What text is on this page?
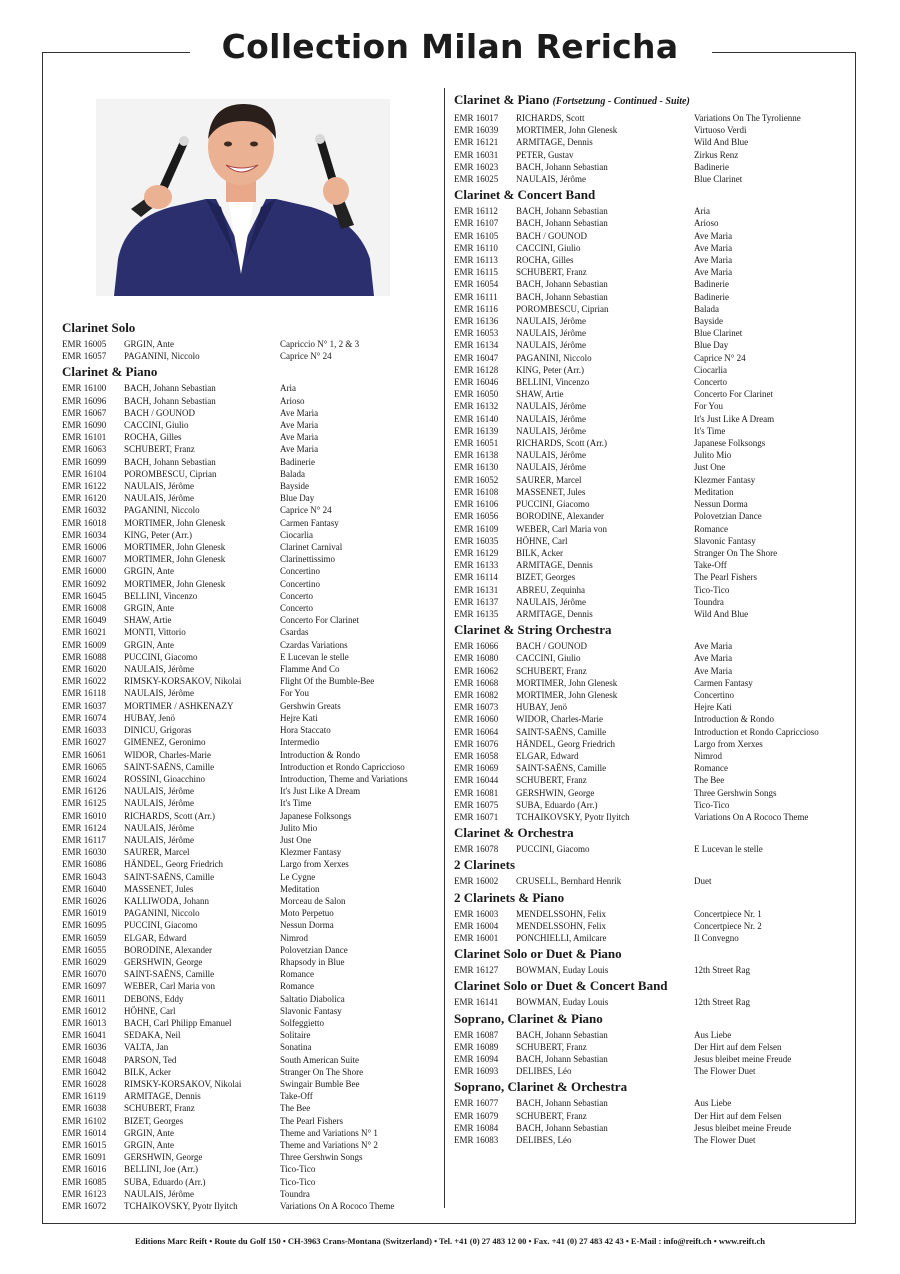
Collection Milan Rericha
Clarinet Solo
EMR 16005	GRGIN, Ante	Capriccio N° 1, 2 & 3
EMR 16057	PAGANINI, Niccolo	Caprice N° 24
Clarinet & Piano
EMR 16100	BACH, Johann Sebastian	Aria
EMR 16096	BACH, Johann Sebastian	Arioso
EMR 16067	BACH / GOUNOD	Ave Maria
EMR 16090	CACCINI, Giulio	Ave Maria
EMR 16101	ROCHA, Gilles	Ave Maria
EMR 16063	SCHUBERT, Franz	Ave Maria
EMR 16099	BACH, Johann Sebastian	Badinerie
EMR 16104	POROMBESCU, Ciprian	Balada
EMR 16122	NAULAIS, Jérôme	Bayside
EMR 16120	NAULAIS, Jérôme	Blue Day
EMR 16032	PAGANINI, Niccolo	Caprice N° 24
EMR 16018	MORTIMER, John Glenesk	Carmen Fantasy
EMR 16034	KING, Peter (Arr.)	Ciocarlia
EMR 16006	MORTIMER, John Glenesk	Clarinet Carnival
EMR 16007	MORTIMER, John Glenesk	Clarinettissimo
EMR 16000	GRGIN, Ante	Concertino
EMR 16092	MORTIMER, John Glenesk	Concertino
EMR 16045	BELLINI, Vincenzo	Concerto
EMR 16008	GRGIN, Ante	Concerto
EMR 16049	SHAW, Artie	Concerto For Clarinet
EMR 16021	MONTI, Vittorio	Csardas
EMR 16009	GRGIN, Ante	Czardas Variations
EMR 16088	PUCCINI, Giacomo	E Lucevan le stelle
EMR 16020	NAULAIS, Jérôme	Flamme And Co
EMR 16022	RIMSKY-KORSAKOV, Nikolai	Flight Of the Bumble-Bee
EMR 16118	NAULAIS, Jérôme	For You
EMR 16037	MORTIMER / ASHKENAZY	Gershwin Greats
EMR 16074	HUBAY, Jenö	Hejre Kati
EMR 16033	DINICU, Grigoras	Hora Staccato
EMR 16027	GIMENEZ, Geronimo	Intermedio
EMR 16061	WIDOR, Charles-Marie	Introduction & Rondo
EMR 16065	SAINT-SAËNS, Camille	Introduction et Rondo Capriccioso
EMR 16024	ROSSINI, Gioacchino	Introduction, Theme and Variations
EMR 16126	NAULAIS, Jérôme	It's Just Like A Dream
EMR 16125	NAULAIS, Jérôme	It's Time
EMR 16010	RICHARDS, Scott (Arr.)	Japanese Folksongs
EMR 16124	NAULAIS, Jérôme	Julito Mio
EMR 16117	NAULAIS, Jérôme	Just One
EMR 16030	SAURER, Marcel	Klezmer Fantasy
EMR 16086	HÄNDEL, Georg Friedrich	Largo from Xerxes
EMR 16043	SAINT-SAËNS, Camille	Le Cygne
EMR 16040	MASSENET, Jules	Meditation
EMR 16026	KALLIWODA, Johann	Morceau de Salon
EMR 16019	PAGANINI, Niccolo	Moto Perpetuo
EMR 16095	PUCCINI, Giacomo	Nessun Dorma
EMR 16059	ELGAR, Edward	Nimrod
EMR 16055	BORODINE, Alexander	Polovetzian Dance
EMR 16029	GERSHWIN, George	Rhapsody in Blue
EMR 16070	SAINT-SAËNS, Camille	Romance
EMR 16097	WEBER, Carl Maria von	Romance
EMR 16011	DEBONS, Eddy	Saltatio Diabolica
EMR 16012	HÖHNE, Carl	Slavonic Fantasy
EMR 16013	BACH, Carl Philipp Emanuel	Solfeggietto
EMR 16041	SEDAKA, Neil	Solitaire
EMR 16036	VALTA, Jan	Sonatina
EMR 16048	PARSON, Ted	South American Suite
EMR 16042	BILK, Acker	Stranger On The Shore
EMR 16028	RIMSKY-KORSAKOV, Nikolai	Swingair Bumble Bee
EMR 16119	ARMITAGE, Dennis	Take-Off
EMR 16038	SCHUBERT, Franz	The Bee
EMR 16102	BIZET, Georges	The Pearl Fishers
EMR 16014	GRGIN, Ante	Theme and Variations N° 1
EMR 16015	GRGIN, Ante	Theme and Variations N° 2
EMR 16091	GERSHWIN, George	Three Gershwin Songs
EMR 16016	BELLINI, Joe (Arr.)	Tico-Tico
EMR 16085	SUBA, Eduardo (Arr.)	Tico-Tico
EMR 16123	NAULAIS, Jérôme	Toundra
EMR 16072	TCHAIKOVSKY, Pyotr Ilyitch	Variations On A Rococo Theme
Clarinet & Piano (Fortsetzung - Continued - Suite)
EMR 16017	RICHARDS, Scott	Variations On The Tyrolienne
EMR 16039	MORTIMER, John Glenesk	Virtuoso Verdi
EMR 16121	ARMITAGE, Dennis	Wild And Blue
EMR 16031	PETER, Gustav	Zirkus Renz
EMR 16023	BACH, Johann Sebastian	Badinerie
EMR 16025	NAULAIS, Jérôme	Blue Clarinet
Clarinet & Concert Band
EMR 16112	BACH, Johann Sebastian	Aria
EMR 16107	BACH, Johann Sebastian	Arioso
EMR 16105	BACH / GOUNOD	Ave Maria
EMR 16110	CACCINI, Giulio	Ave Maria
EMR 16113	ROCHA, Gilles	Ave Maria
EMR 16115	SCHUBERT, Franz	Ave Maria
EMR 16054	BACH, Johann Sebastian	Badinerie
EMR 16111	BACH, Johann Sebastian	Badinerie
EMR 16116	POROMBESCU, Ciprian	Balada
EMR 16136	NAULAIS, Jérôme	Bayside
EMR 16053	NAULAIS, Jérôme	Blue Clarinet
EMR 16134	NAULAIS, Jérôme	Blue Day
EMR 16047	PAGANINI, Niccolo	Caprice N° 24
EMR 16128	KING, Peter (Arr.)	Ciocarlia
EMR 16046	BELLINI, Vincenzo	Concerto
EMR 16050	SHAW, Artie	Concerto For Clarinet
EMR 16132	NAULAIS, Jérôme	For You
EMR 16140	NAULAIS, Jérôme	It's Just Like A Dream
EMR 16139	NAULAIS, Jérôme	It's Time
EMR 16051	RICHARDS, Scott (Arr.)	Japanese Folksongs
EMR 16138	NAULAIS, Jérôme	Julito Mio
EMR 16130	NAULAIS, Jérôme	Just One
EMR 16052	SAURER, Marcel	Klezmer Fantasy
EMR 16108	MASSENET, Jules	Meditation
EMR 16106	PUCCINI, Giacomo	Nessun Dorma
EMR 16056	BORODINE, Alexander	Polovetzian Dance
EMR 16109	WEBER, Carl Maria von	Romance
EMR 16035	HÖHNE, Carl	Slavonic Fantasy
EMR 16129	BILK, Acker	Stranger On The Shore
EMR 16133	ARMITAGE, Dennis	Take-Off
EMR 16114	BIZET, Georges	The Pearl Fishers
EMR 16131	ABREU, Zequinha	Tico-Tico
EMR 16137	NAULAIS, Jérôme	Toundra
EMR 16135	ARMITAGE, Dennis	Wild And Blue
Clarinet & String Orchestra
EMR 16066	BACH / GOUNOD	Ave Maria
EMR 16080	CACCINI, Giulio	Ave Maria
EMR 16062	SCHUBERT, Franz	Ave Maria
EMR 16068	MORTIMER, John Glenesk	Carmen Fantasy
EMR 16082	MORTIMER, John Glenesk	Concertino
EMR 16073	HUBAY, Jenö	Hejre Kati
EMR 16060	WIDOR, Charles-Marie	Introduction & Rondo
EMR 16064	SAINT-SAËNS, Camille	Introduction et Rondo Capriccioso
EMR 16076	HÄNDEL, Georg Friedrich	Largo from Xerxes
EMR 16058	ELGAR, Edward	Nimrod
EMR 16069	SAINT-SAËNS, Camille	Romance
EMR 16044	SCHUBERT, Franz	The Bee
EMR 16081	GERSHWIN, George	Three Gershwin Songs
EMR 16075	SUBA, Eduardo (Arr.)	Tico-Tico
EMR 16071	TCHAIKOVSKY, Pyotr Ilyitch	Variations On A Rococo Theme
Clarinet & Orchestra
EMR 16078	PUCCINI, Giacomo	E Lucevan le stelle
2 Clarinets
EMR 16002	CRUSELL, Bernhard Henrik	Duet
2 Clarinets & Piano
EMR 16003	MENDELSSOHN, Felix	Concertpiece Nr. 1
EMR 16004	MENDELSSOHN, Felix	Concertpiece Nr. 2
EMR 16001	PONCHIELLI, Amilcare	Il Convegno
Clarinet Solo or Duet & Piano
EMR 16127	BOWMAN, Euday Louis	12th Street Rag
Clarinet Solo or Duet & Concert Band
EMR 16141	BOWMAN, Euday Louis	12th Street Rag
Soprano, Clarinet & Piano
EMR 16087	BACH, Johann Sebastian	Aus Liebe
EMR 16089	SCHUBERT, Franz	Der Hirt auf dem Felsen
EMR 16094	BACH, Johann Sebastian	Jesus bleibet meine Freude
EMR 16093	DELIBES, Léo	The Flower Duet
Soprano, Clarinet & Orchestra
EMR 16077	BACH, Johann Sebastian	Aus Liebe
EMR 16079	SCHUBERT, Franz	Der Hirt auf dem Felsen
EMR 16084	BACH, Johann Sebastian	Jesus bleibet meine Freude
EMR 16083	DELIBES, Léo	The Flower Duet
Editions Marc Reift • Route du Golf 150 • CH-3963 Crans-Montana (Switzerland) • Tel. +41 (0) 27 483 12 00 • Fax. +41 (0) 27 483 42 43 • E-Mail : info@reift.ch • www.reift.ch
